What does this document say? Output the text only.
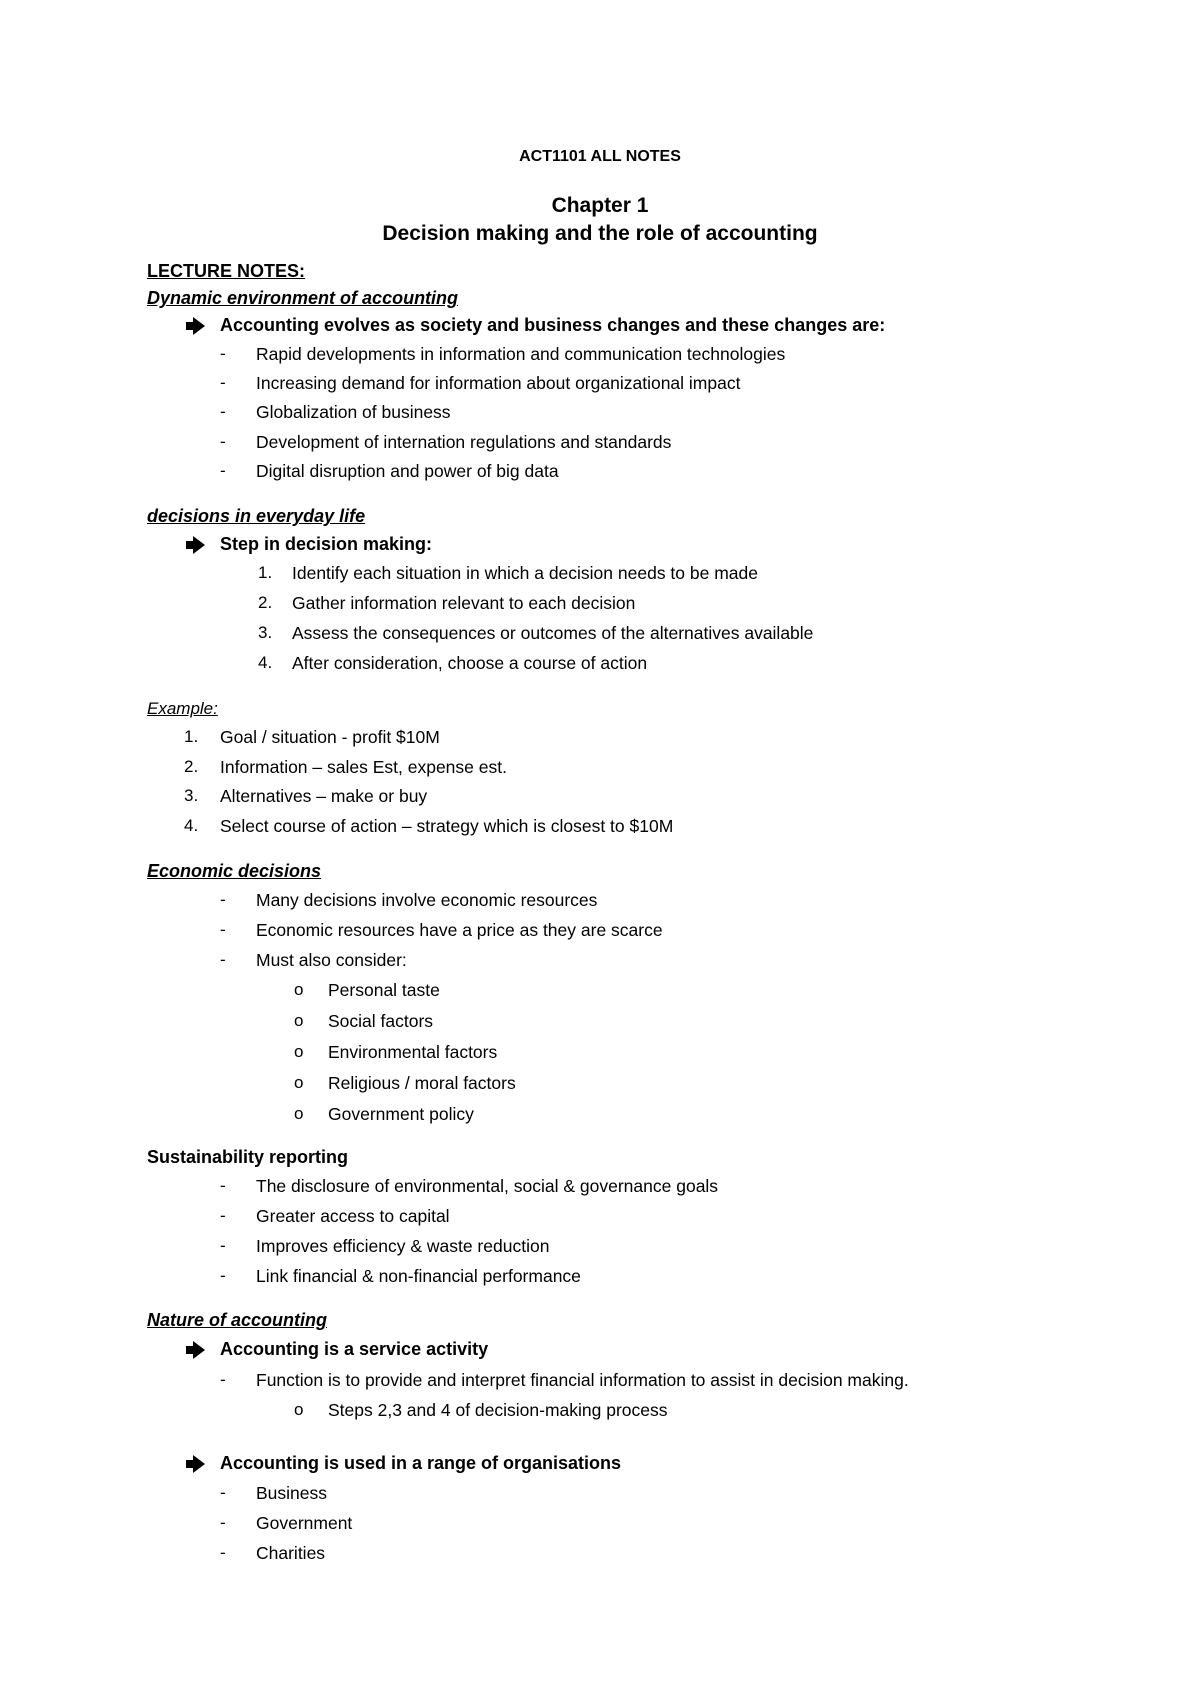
ACT1101 ALL NOTES
Chapter 1
Decision making and the role of accounting
LECTURE NOTES:
Dynamic environment of accounting
Accounting evolves as society and business changes and these changes are:
- Rapid developments in information and communication technologies
- Increasing demand for information about organizational impact
- Globalization of business
- Development of internation regulations and standards
- Digital disruption and power of big data
decisions in everyday life
Step in decision making:
1. Identify each situation in which a decision needs to be made
2. Gather information relevant to each decision
3. Assess the consequences or outcomes of the alternatives available
4. After consideration, choose a course of action
Example:
1. Goal / situation - profit $10M
2. Information – sales Est, expense est.
3. Alternatives – make or buy
4. Select course of action – strategy which is closest to $10M
Economic decisions
- Many decisions involve economic resources
- Economic resources have a price as they are scarce
- Must also consider:
o Personal taste
o Social factors
o Environmental factors
o Religious / moral factors
o Government policy
Sustainability reporting
- The disclosure of environmental, social & governance goals
- Greater access to capital
- Improves efficiency & waste reduction
- Link financial & non-financial performance
Nature of accounting
Accounting is a service activity
- Function is to provide and interpret financial information to assist in decision making.
o Steps 2,3 and 4 of decision-making process
Accounting is used in a range of organisations
- Business
- Government
- Charities
